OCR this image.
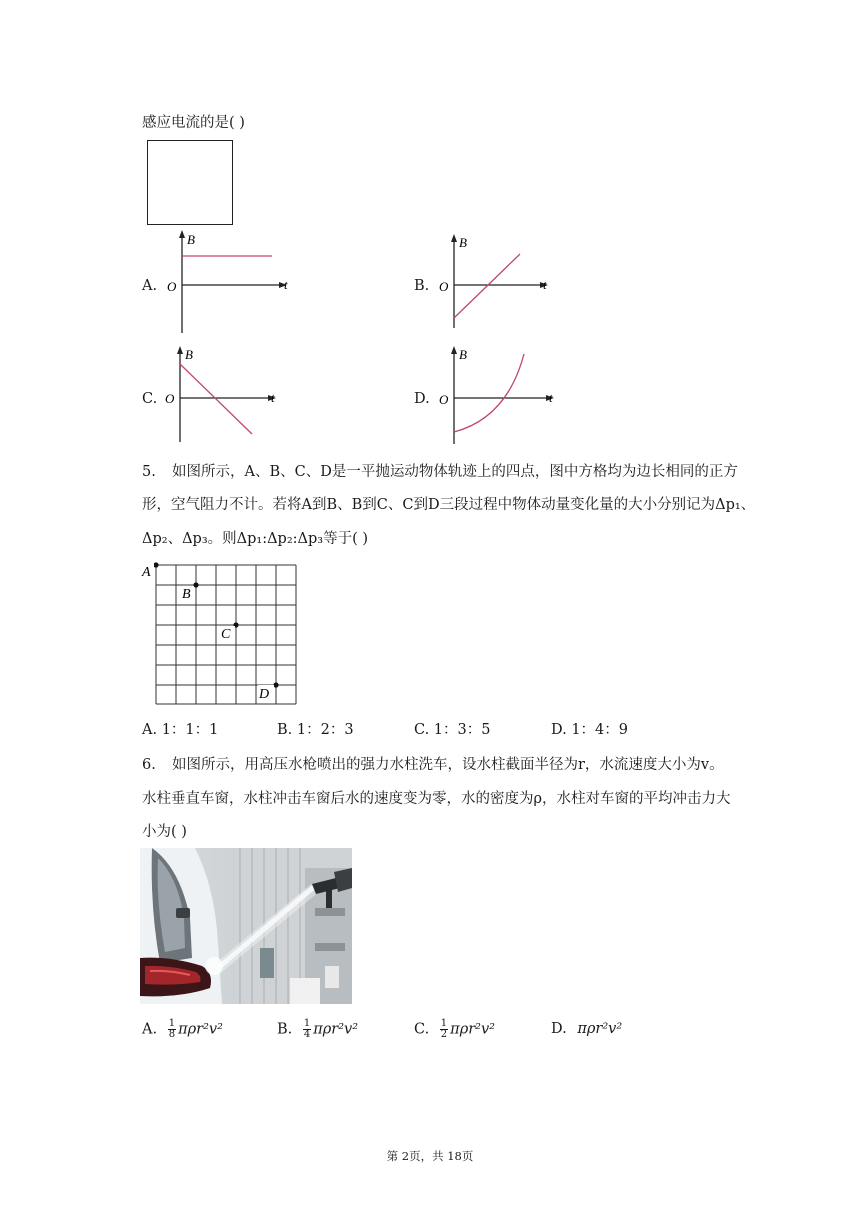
感应电流的是( )
A.
B
O	t	B.
B
O	t
C.
B
O	t	D.
B
O	t
5. 如图所示，A、B、C、D是一平抛运动物体轨迹上的四点，图中方格均为边长相同的正方
形，空气阻力不计。若将A到B、B到C、C到D三段过程中物体动量变化量的大小分别记为Δp₁、
Δp₂、Δp₃。则Δp₁:Δp₂:Δp₃等于( )
A
B
C
D
A. 1：1：1	B. 1：2：3	C. 1：3：5	D. 1：4：9
6. 如图所示，用高压水枪喷出的强力水柱洗车，设水柱截面半径为r，水流速度大小为v。
水柱垂直车窗，水柱冲击车窗后水的速度变为零，水的密度为ρ，水柱对车窗的平均冲击力大
小为( )
A. $\frac{1}{8} \pi\rho r^2v^2$	B. $\frac{1}{4} \pi\rho r^2v^2$	C. $\frac{1}{2} \pi\rho r^2v^2$	D. πρr²v²
第 2页，共 18页
